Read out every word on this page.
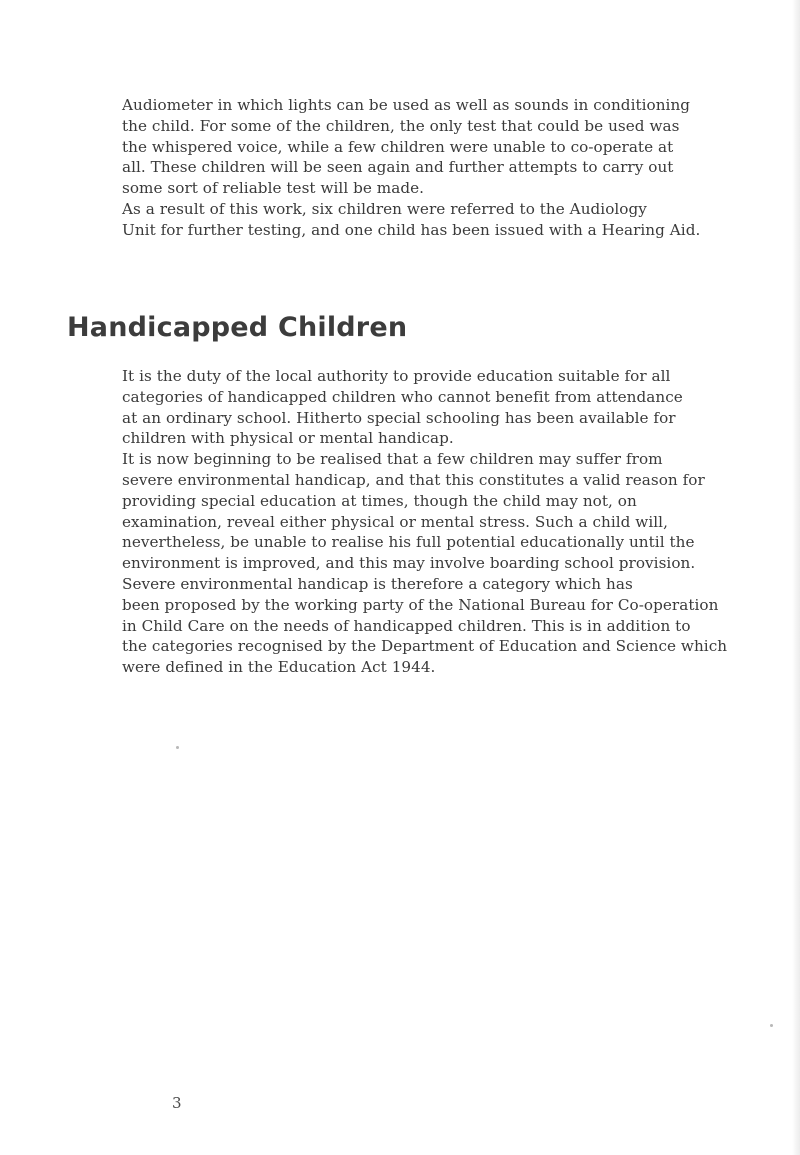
Audiometer in which lights can be used as well as sounds in conditioning
the child. For some of the children, the only test that could be used was
the whispered voice, while a few children were unable to co-operate at
all. These children will be seen again and further attempts to carry out
some sort of reliable test will be made.
As a result of this work, six children were referred to the Audiology
Unit for further testing, and one child has been issued with a Hearing Aid.

Handicapped Children

It is the duty of the local authority to provide education suitable for all
categories of handicapped children who cannot benefit from attendance
at an ordinary school. Hitherto special schooling has been available for
children with physical or mental handicap.
It is now beginning to be realised that a few children may suffer from
severe environmental handicap, and that this constitutes a valid reason for
providing special education at times, though the child may not, on
examination, reveal either physical or mental stress. Such a child will,
nevertheless, be unable to realise his full potential educationally until the
environment is improved, and this may involve boarding school provision.
Severe environmental handicap is therefore a category which has
been proposed by the working party of the National Bureau for Co-operation
in Child Care on the needs of handicapped children. This is in addition to
the categories recognised by the Department of Education and Science which
were defined in the Education Act 1944.

3
